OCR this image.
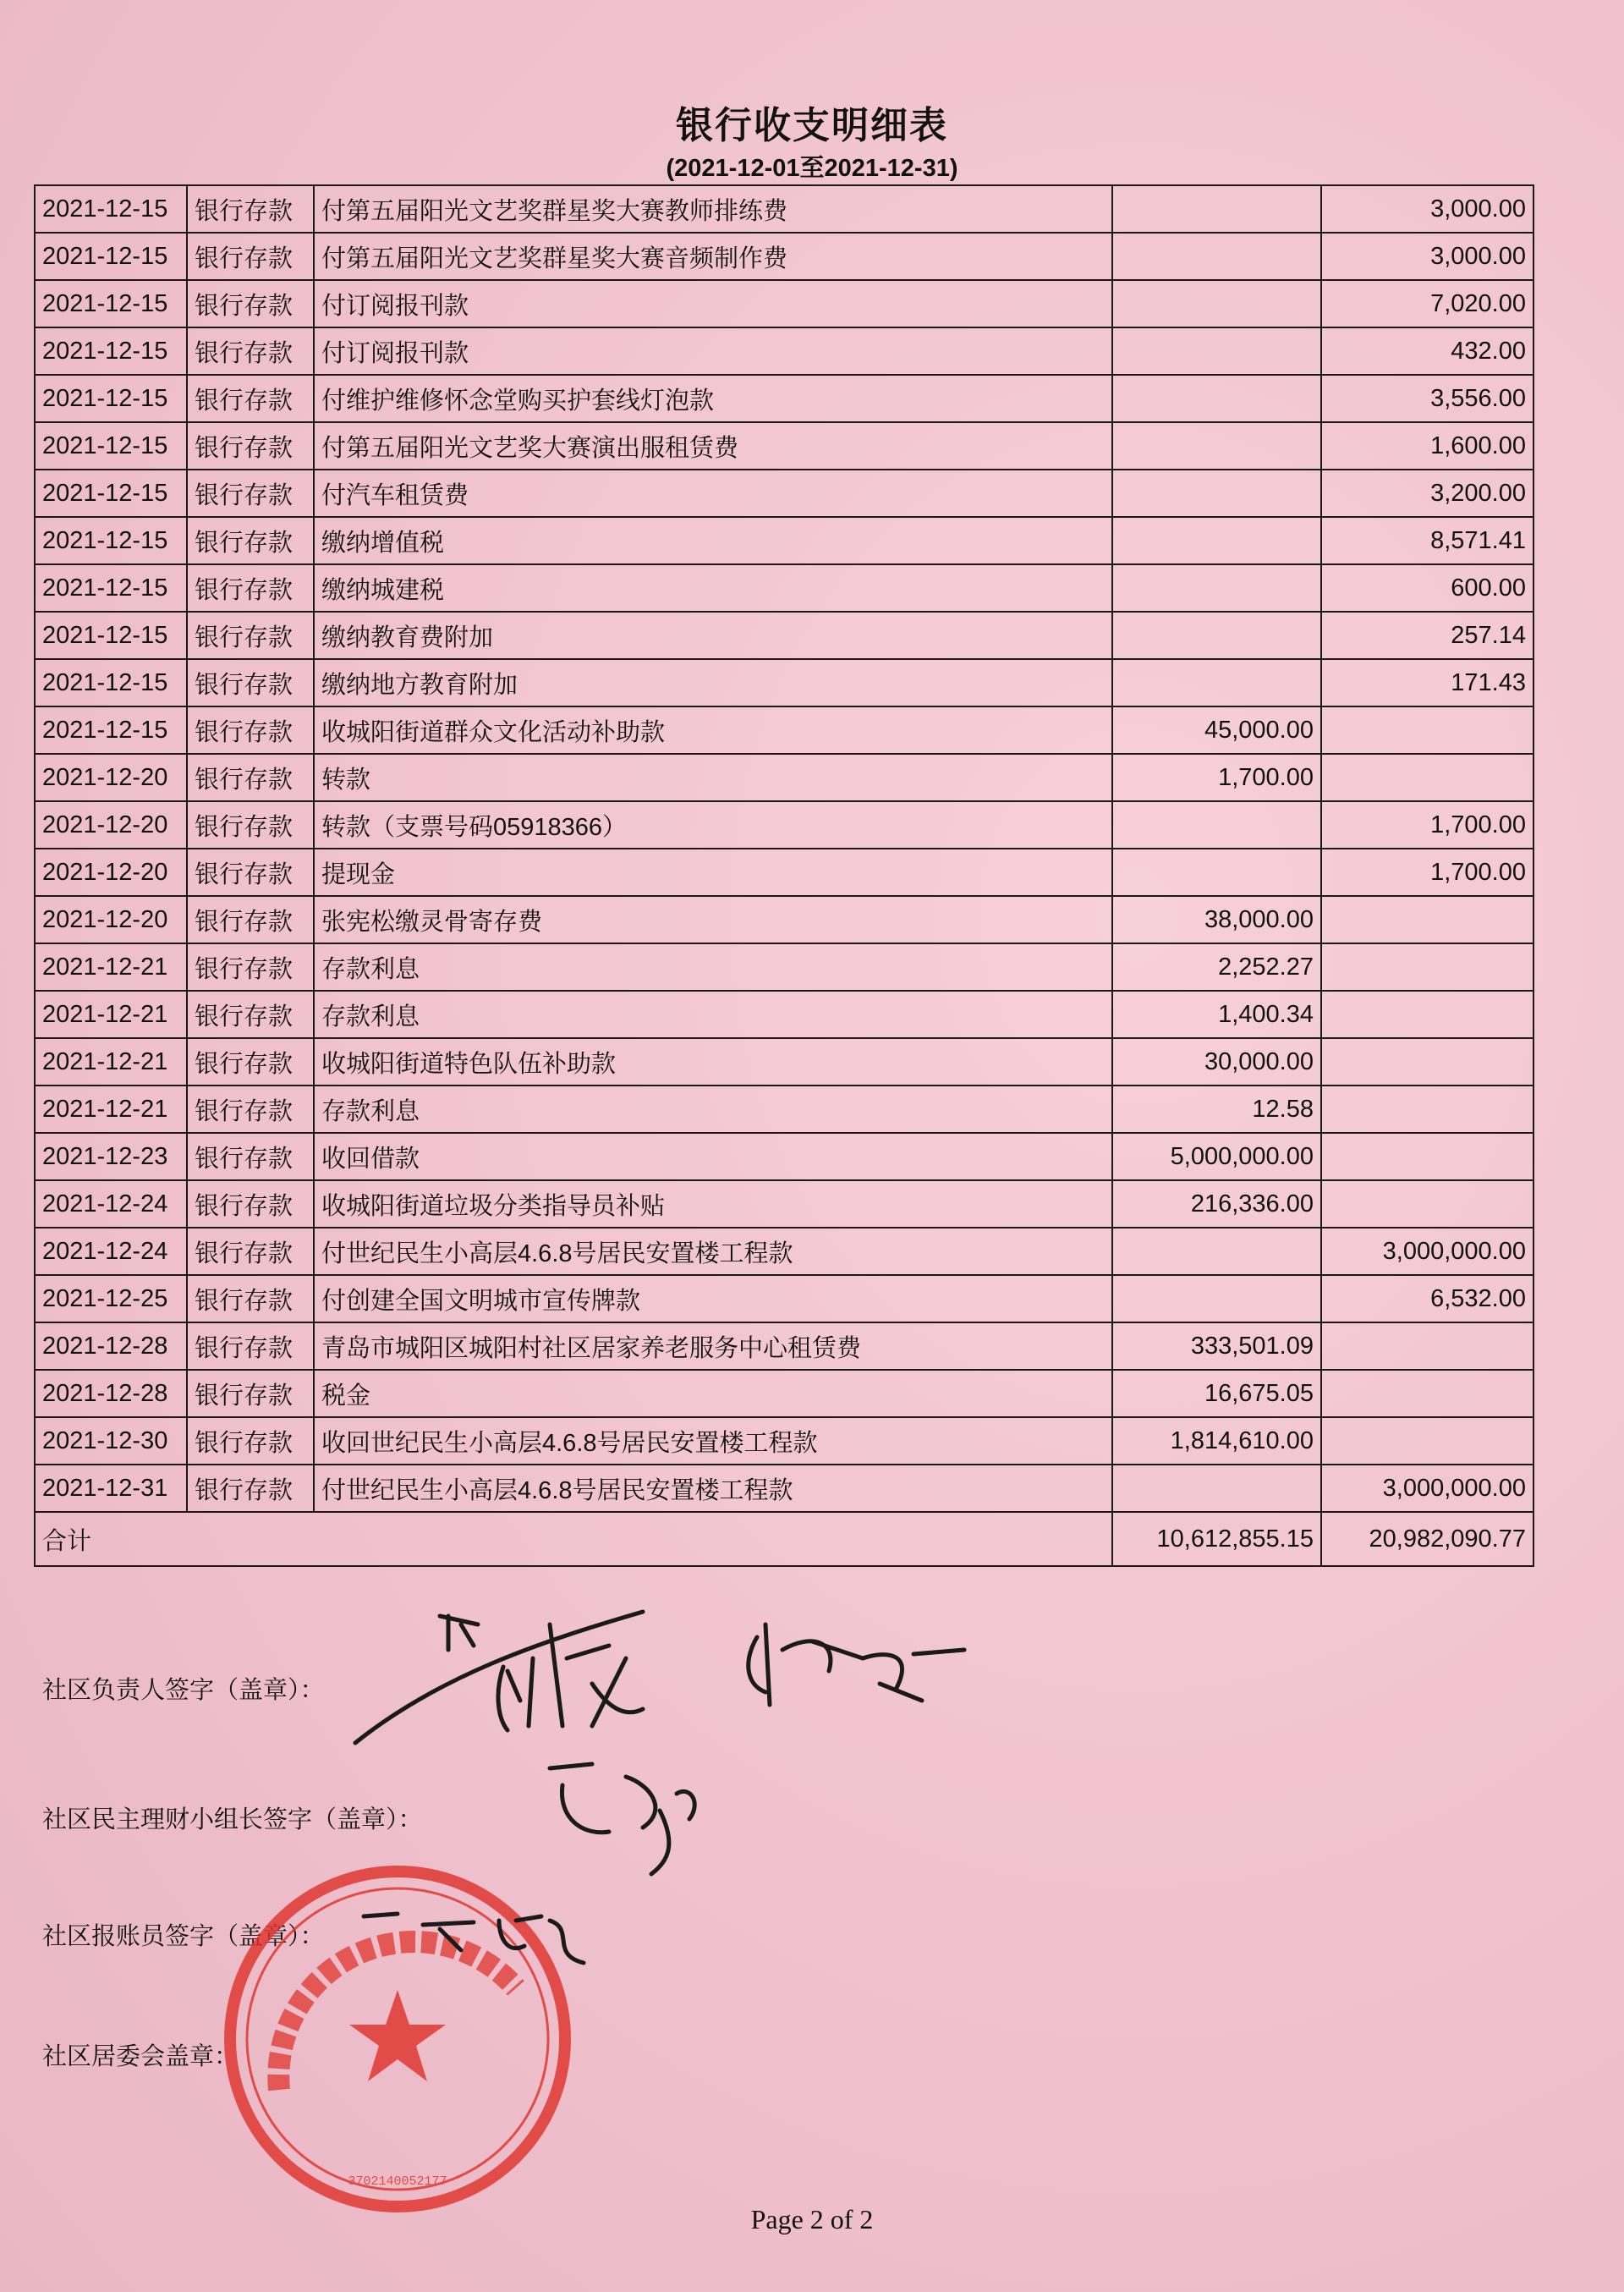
银行收支明细表
(2021-12-01至2021-12-31)
2021-12-15	银行存款	付第五届阳光文艺奖群星奖大赛教师排练费		3,000.00
2021-12-15	银行存款	付第五届阳光文艺奖群星奖大赛音频制作费		3,000.00
2021-12-15	银行存款	付订阅报刊款		7,020.00
2021-12-15	银行存款	付订阅报刊款		432.00
2021-12-15	银行存款	付维护维修怀念堂购买护套线灯泡款		3,556.00
2021-12-15	银行存款	付第五届阳光文艺奖大赛演出服租赁费		1,600.00
2021-12-15	银行存款	付汽车租赁费		3,200.00
2021-12-15	银行存款	缴纳增值税		8,571.41
2021-12-15	银行存款	缴纳城建税		600.00
2021-12-15	银行存款	缴纳教育费附加		257.14
2021-12-15	银行存款	缴纳地方教育附加		171.43
2021-12-15	银行存款	收城阳街道群众文化活动补助款	45,000.00	
2021-12-20	银行存款	转款	1,700.00	
2021-12-20	银行存款	转款（支票号码05918366）		1,700.00
2021-12-20	银行存款	提现金		1,700.00
2021-12-20	银行存款	张宪松缴灵骨寄存费	38,000.00	
2021-12-21	银行存款	存款利息	2,252.27	
2021-12-21	银行存款	存款利息	1,400.34	
2021-12-21	银行存款	收城阳街道特色队伍补助款	30,000.00	
2021-12-21	银行存款	存款利息	12.58	
2021-12-23	银行存款	收回借款	5,000,000.00	
2021-12-24	银行存款	收城阳街道垃圾分类指导员补贴	216,336.00	
2021-12-24	银行存款	付世纪民生小高层4.6.8号居民安置楼工程款		3,000,000.00
2021-12-25	银行存款	付创建全国文明城市宣传牌款		6,532.00
2021-12-28	银行存款	青岛市城阳区城阳村社区居家养老服务中心租赁费	333,501.09	
2021-12-28	银行存款	税金	16,675.05	
2021-12-30	银行存款	收回世纪民生小高层4.6.8号居民安置楼工程款	1,814,610.00	
2021-12-31	银行存款	付世纪民生小高层4.6.8号居民安置楼工程款		3,000,000.00
合计			10,612,855.15	20,982,090.77
社区负责人签字（盖章）：
社区民主理财小组长签字（盖章）：
社区报账员签字（盖章）：
社区居委会盖章：
3702140052177
Page 2 of 2
